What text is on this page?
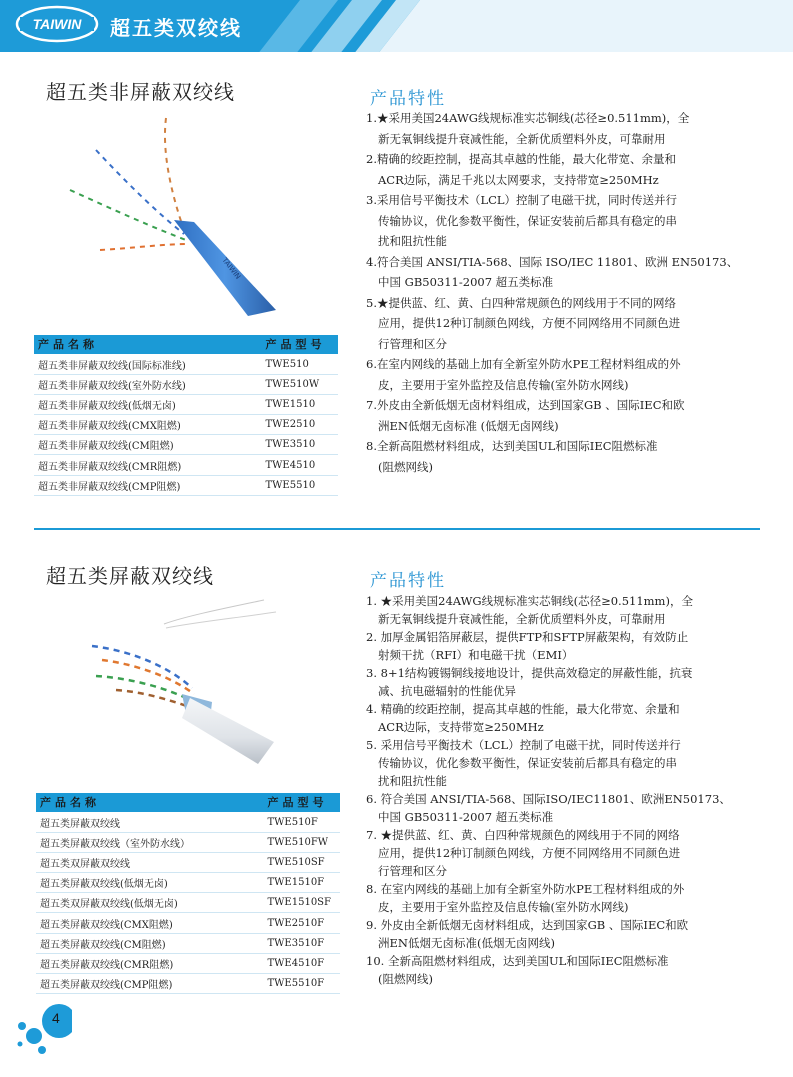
TAIWIN 超五类双绞线
超五类非屏蔽双绞线
TAIWIN
产品特性
1.★采用美国24AWG线规标准实芯铜线(芯径≥0.511mm)，全
新无氧铜线提升衰减性能，全新优质塑料外皮，可靠耐用
2.精确的绞距控制，提高其卓越的性能，最大化带宽、余量和
ACR边际，满足千兆以太网要求，支持带宽≥250MHz
3.采用信号平衡技术（LCL）控制了电磁干扰，同时传送并行
传输协议，优化参数平衡性，保证安装前后都具有稳定的串
扰和阻抗性能
4.符合美国 ANSI/TIA-568、国际 ISO/IEC 11801、欧洲 EN50173、
中国 GB50311-2007 超五类标准
5.★提供蓝、红、黄、白四种常规颜色的网线用于不同的网络
应用，提供12种订制颜色网线，方便不同网络用不同颜色进
行管理和区分
6.在室内网线的基础上加有全新室外防水PE工程材料组成的外
皮，主要用于室外监控及信息传输(室外防水网线)
7.外皮由全新低烟无卤材料组成，达到国家GB 、国际IEC和欧
洲EN低烟无卤标准 (低烟无卤网线)
8.全新高阻燃材料组成，达到美国UL和国际IEC阻燃标准
(阻燃网线)
产品名称	产品型号
超五类非屏蔽双绞线(国际标准线)	TWE510
超五类非屏蔽双绞线(室外防水线)	TWE510W
超五类非屏蔽双绞线(低烟无卤)	TWE1510
超五类非屏蔽双绞线(CMX阻燃)	TWE2510
超五类非屏蔽双绞线(CM阻燃)	TWE3510
超五类非屏蔽双绞线(CMR阻燃)	TWE4510
超五类非屏蔽双绞线(CMP阻燃)	TWE5510
超五类屏蔽双绞线	产品特性
1. ★采用美国24AWG线规标准实芯铜线(芯径≥0.511mm)，全
新无氧铜线提升衰减性能，全新优质塑料外皮，可靠耐用
2. 加厚金属铝箔屏蔽层，提供FTP和SFTP屏蔽架构，有效防止
射频干扰（RFI）和电磁干扰（EMI）
3. 8+1结构镀锡铜线接地设计，提供高效稳定的屏蔽性能，抗衰
减、抗电磁辐射的性能优异
4. 精确的绞距控制，提高其卓越的性能，最大化带宽、余量和
ACR边际，支持带宽≥250MHz
5. 采用信号平衡技术（LCL）控制了电磁干扰，同时传送并行
传输协议，优化参数平衡性，保证安装前后都具有稳定的串
扰和阻抗性能
6. 符合美国 ANSI/TIA-568、国际ISO/IEC11801、欧洲EN50173、
中国 GB50311-2007 超五类标准
7. ★提供蓝、红、黄、白四种常规颜色的网线用于不同的网络
应用，提供12种订制颜色网线，方便不同网络用不同颜色进
行管理和区分
8. 在室内网线的基础上加有全新室外防水PE工程材料组成的外
皮，主要用于室外监控及信息传输(室外防水网线)
9. 外皮由全新低烟无卤材料组成，达到国家GB 、国际IEC和欧
洲EN低烟无卤标准(低烟无卤网线)
10. 全新高阻燃材料组成，达到美国UL和国际IEC阻燃标准
(阻燃网线)
产品名称	产品型号
超五类屏蔽双绞线	TWE510F
超五类屏蔽双绞线（室外防水线）	TWE510FW
超五类双屏蔽双绞线	TWE510SF
超五类屏蔽双绞线(低烟无卤)	TWE1510F
超五类双屏蔽双绞线(低烟无卤)	TWE1510SF
超五类屏蔽双绞线(CMX阻燃)	TWE2510F
超五类屏蔽双绞线(CM阻燃)	TWE3510F
超五类屏蔽双绞线(CMR阻燃)	TWE4510F
超五类屏蔽双绞线(CMP阻燃)	TWE5510F
4
